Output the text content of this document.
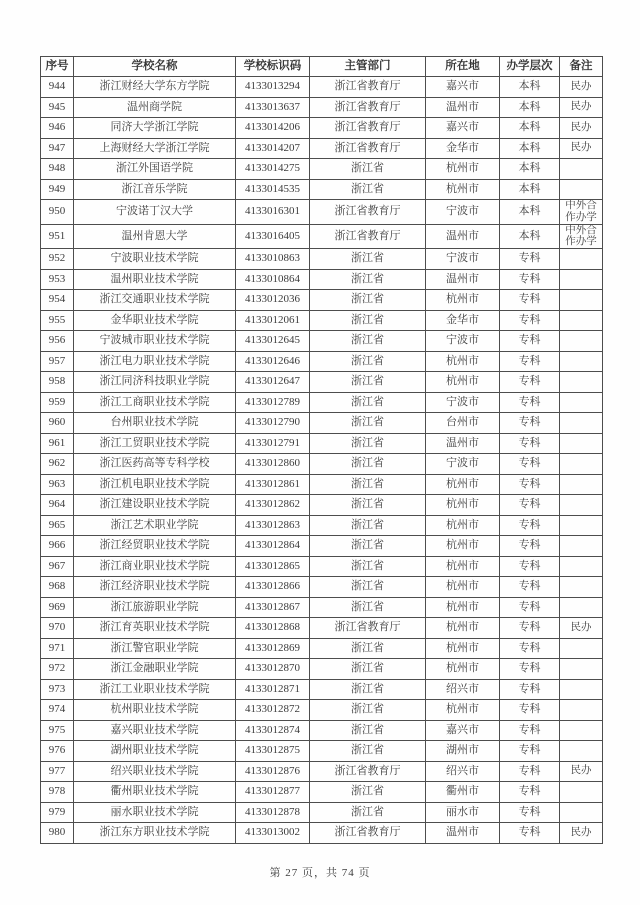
序号	学校名称	学校标识码	主管部门	所在地	办学层次	备注
944	浙江财经大学东方学院	4133013294	浙江省教育厅	嘉兴市	本科	民办
945	温州商学院	4133013637	浙江省教育厅	温州市	本科	民办
946	同济大学浙江学院	4133014206	浙江省教育厅	嘉兴市	本科	民办
947	上海财经大学浙江学院	4133014207	浙江省教育厅	金华市	本科	民办
948	浙江外国语学院	4133014275	浙江省	杭州市	本科	
949	浙江音乐学院	4133014535	浙江省	杭州市	本科	
950	宁波诺丁汉大学	4133016301	浙江省教育厅	宁波市	本科	中外合作办学
951	温州肯恩大学	4133016405	浙江省教育厅	温州市	本科	中外合作办学
952	宁波职业技术学院	4133010863	浙江省	宁波市	专科	
953	温州职业技术学院	4133010864	浙江省	温州市	专科	
954	浙江交通职业技术学院	4133012036	浙江省	杭州市	专科	
955	金华职业技术学院	4133012061	浙江省	金华市	专科	
956	宁波城市职业技术学院	4133012645	浙江省	宁波市	专科	
957	浙江电力职业技术学院	4133012646	浙江省	杭州市	专科	
958	浙江同济科技职业学院	4133012647	浙江省	杭州市	专科	
959	浙江工商职业技术学院	4133012789	浙江省	宁波市	专科	
960	台州职业技术学院	4133012790	浙江省	台州市	专科	
961	浙江工贸职业技术学院	4133012791	浙江省	温州市	专科	
962	浙江医药高等专科学校	4133012860	浙江省	宁波市	专科	
963	浙江机电职业技术学院	4133012861	浙江省	杭州市	专科	
964	浙江建设职业技术学院	4133012862	浙江省	杭州市	专科	
965	浙江艺术职业学院	4133012863	浙江省	杭州市	专科	
966	浙江经贸职业技术学院	4133012864	浙江省	杭州市	专科	
967	浙江商业职业技术学院	4133012865	浙江省	杭州市	专科	
968	浙江经济职业技术学院	4133012866	浙江省	杭州市	专科	
969	浙江旅游职业学院	4133012867	浙江省	杭州市	专科	
970	浙江育英职业技术学院	4133012868	浙江省教育厅	杭州市	专科	民办
971	浙江警官职业学院	4133012869	浙江省	杭州市	专科	
972	浙江金融职业学院	4133012870	浙江省	杭州市	专科	
973	浙江工业职业技术学院	4133012871	浙江省	绍兴市	专科	
974	杭州职业技术学院	4133012872	浙江省	杭州市	专科	
975	嘉兴职业技术学院	4133012874	浙江省	嘉兴市	专科	
976	湖州职业技术学院	4133012875	浙江省	湖州市	专科	
977	绍兴职业技术学院	4133012876	浙江省教育厅	绍兴市	专科	民办
978	衢州职业技术学院	4133012877	浙江省	衢州市	专科	
979	丽水职业技术学院	4133012878	浙江省	丽水市	专科	
980	浙江东方职业技术学院	4133013002	浙江省教育厅	温州市	专科	民办
第 27 页，共 74 页
